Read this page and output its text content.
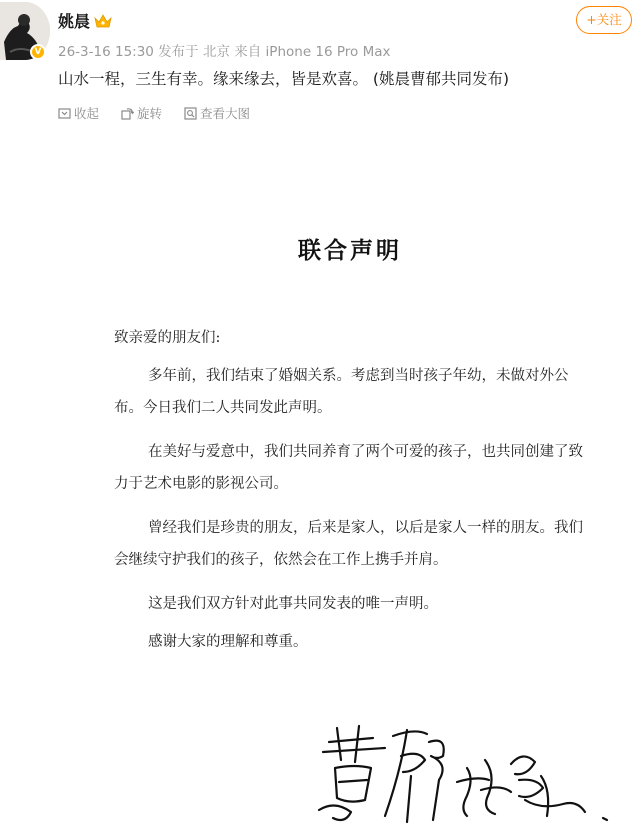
V
姚晨
26-3-16 15:30 发布于 北京 来自 iPhone 16 Pro Max
+关注
山水一程，三生有幸。缘来缘去，皆是欢喜。 (姚晨曹郁共同发布)
收起	旋转	查看大图
联合声明
致亲爱的朋友们:
多年前，我们结束了婚姻关系。考虑到当时孩子年幼，未做对外公布。今日我们二人共同发此声明。
在美好与爱意中，我们共同养育了两个可爱的孩子，也共同创建了致力于艺术电影的影视公司。
曾经我们是珍贵的朋友，后来是家人，以后是家人一样的朋友。我们会继续守护我们的孩子，依然会在工作上携手并肩。
这是我们双方针对此事共同发表的唯一声明。
感谢大家的理解和尊重。
